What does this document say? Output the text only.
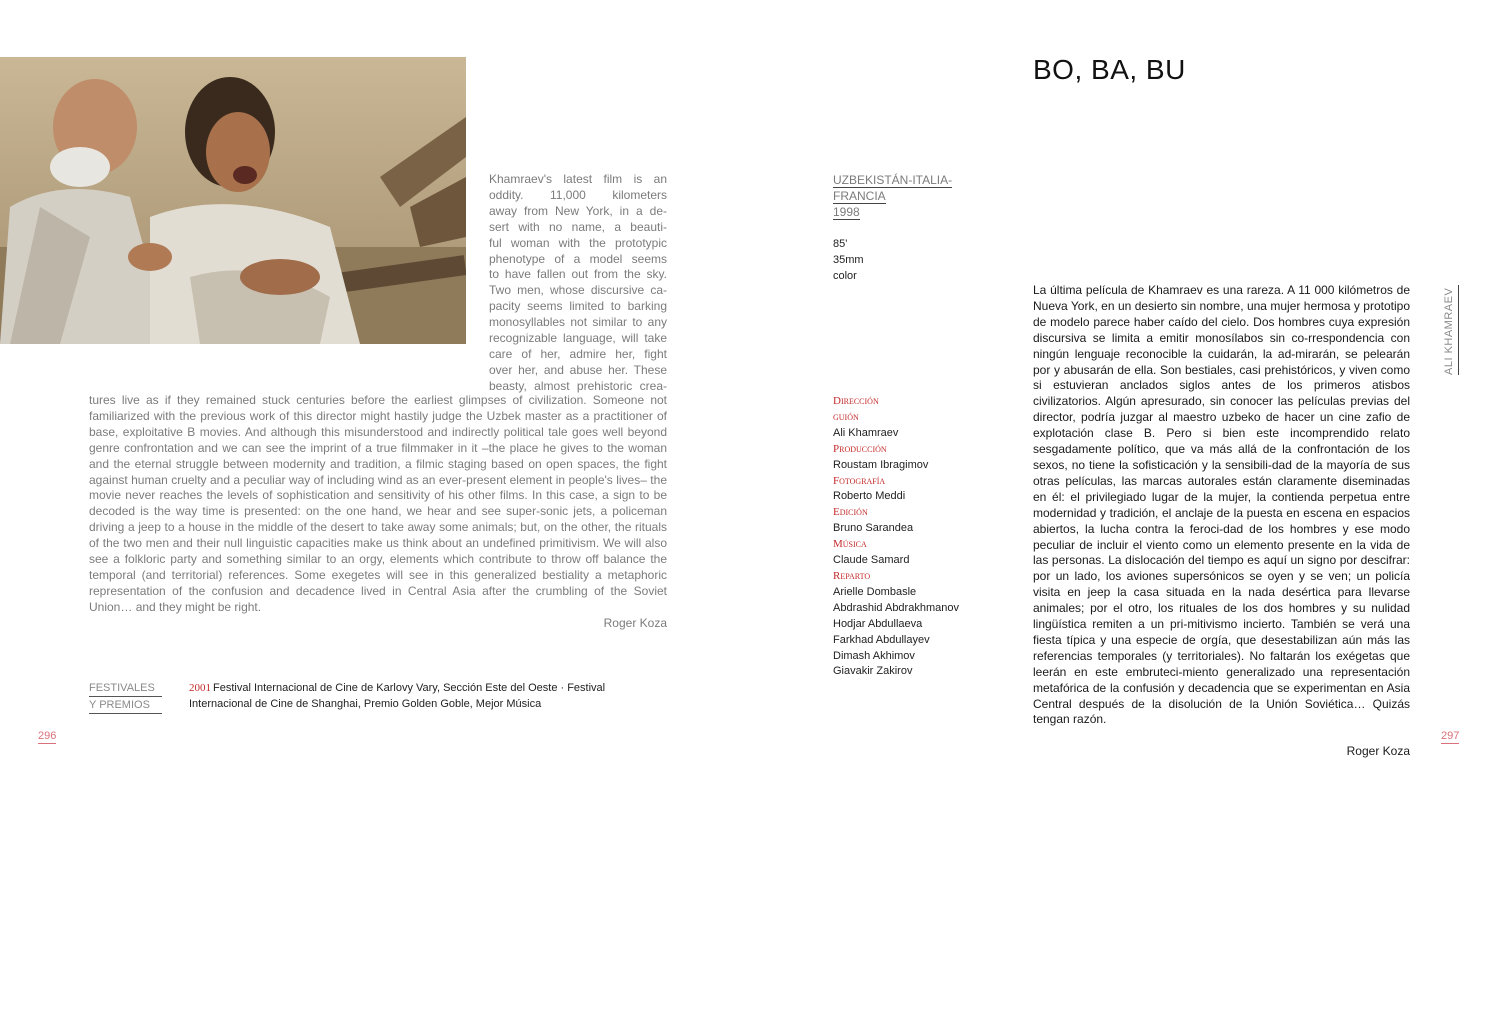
Khamraev's latest film is an
oddity. 11,000 kilometers
away from New York, in a de-
sert with no name, a beauti-
ful woman with the prototypic
phenotype of a model seems
to have fallen out from the sky.
Two men, whose discursive ca-
pacity seems limited to barking
monosyllables not similar to any
recognizable language, will take
care of her, admire her, fight
over her, and abuse her. These
beasty, almost prehistoric crea-

tures live as if they remained stuck centuries before the earliest glimpses of civilization. Someone not familiarized with the previous work of this director might hastily judge the Uzbek master as a practitioner of base, exploitative B movies. And although this misunderstood and indirectly political tale goes well beyond genre confrontation and we can see the imprint of a true filmmaker in it –the place he gives to the woman and the eternal struggle between modernity and tradition, a filmic staging based on open spaces, the fight against human cruelty and a peculiar way of including wind as an ever-present element in people's lives– the movie never reaches the levels of sophistication and sensitivity of his other films. In this case, a sign to be decoded is the way time is presented: on the one hand, we hear and see super-sonic jets, a policeman driving a jeep to a house in the middle of the desert to take away some animals; but, on the other, the rituals of the two men and their null linguistic capacities make us think about an undefined primitivism. We will also see a folkloric party and something similar to an orgy, elements which contribute to throw off balance the temporal (and territorial) references. Some exegetes will see in this generalized bestiality a metaphoric representation of the confusion and decadence lived in Central Asia after the crumbling of the Soviet Union… and they might be right.

Roger Koza

FESTIVALES
Y PREMIOS

2001 Festival Internacional de Cine de Karlovy Vary, Sección Este del Oeste · Festival Internacional de Cine de Shanghai, Premio Golden Goble, Mejor Música

296
BO, BA, BU
UZBEKISTÁN-ITALIA-
FRANCIA
1998
85'
35mm
color
Dirección
guión
Ali Khamraev
Producción
Roustam Ibragimov
Fotografía
Roberto Meddi
Edición
Bruno Sarandea
Música
Claude Samard
Reparto
Arielle Dombasle
Abdrashid Abdrakhmanov
Hodjar Abdullaeva
Farkhad Abdullayev
Dimash Akhimov
Giavakir Zakirov

La última película de Khamraev es una rareza. A 11 000 kilómetros de Nueva York, en un desierto sin nombre, una mujer hermosa y prototipo de modelo parece haber caído del cielo. Dos hombres cuya expresión discursiva se limita a emitir monosílabos sin co-rrespondencia con ningún lenguaje reconocible la cuidarán, la ad-mirarán, se pelearán por y abusarán de ella. Son bestiales, casi prehistóricos, y viven como si estuvieran anclados siglos antes de los primeros atisbos civilizatorios. Algún apresurado, sin conocer las películas previas del director, podría juzgar al maestro uzbeko de hacer un cine zafio de explotación clase B. Pero si bien este incomprendido relato sesgadamente político, que va más allá de la confrontación de los sexos, no tiene la sofisticación y la sensibili-dad de la mayoría de sus otras películas, las marcas autorales están claramente diseminadas en él: el privilegiado lugar de la mujer, la contienda perpetua entre modernidad y tradición, el anclaje de la puesta en escena en espacios abiertos, la lucha contra la feroci-dad de los hombres y ese modo peculiar de incluir el viento como un elemento presente en la vida de las personas. La dislocación del tiempo es aquí un signo por descifrar: por un lado, los aviones supersónicos se oyen y se ven; un policía visita en jeep la casa situada en la nada desértica para llevarse animales; por el otro, los rituales de los dos hombres y su nulidad lingüística remiten a un pri-mitivismo incierto. También se verá una fiesta típica y una especie de orgía, que desestabilizan aún más las referencias temporales (y territoriales). No faltarán los exégetas que leerán en este embruteci-miento generalizado una representación metafórica de la confusión y decadencia que se experimentan en Asia Central después de la disolución de la Unión Soviética… Quizás tengan razón.

Roger Koza

ALI KHAMRAEV
297
